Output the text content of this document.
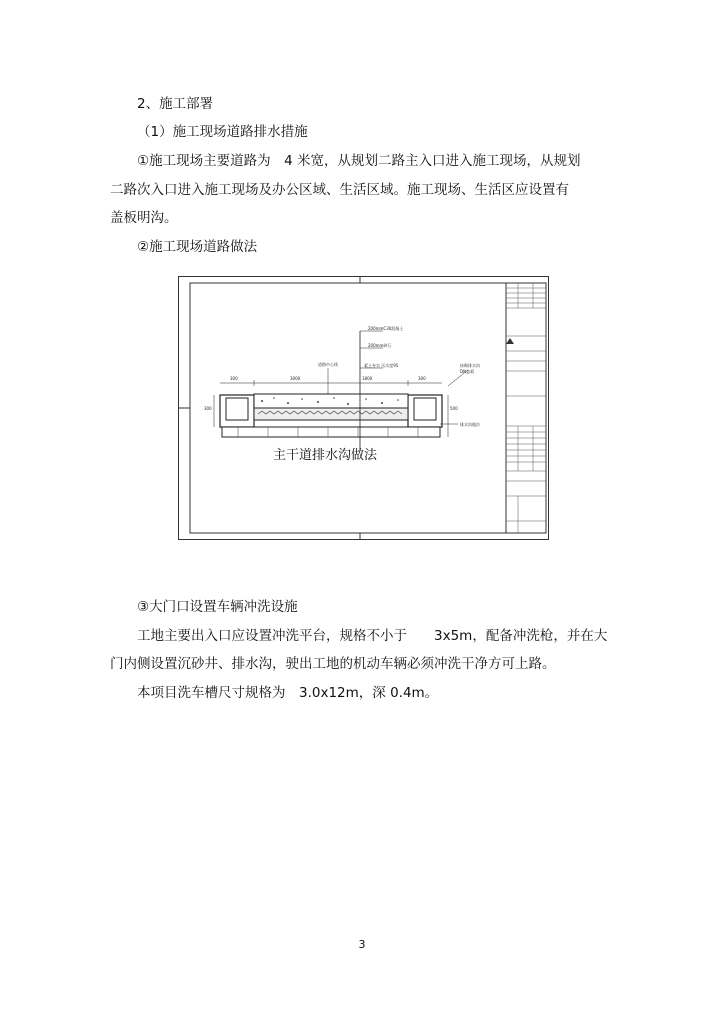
2、施工部署
（1）施工现场道路排水措施
①施工现场主要道路为　4 米宽，从规划二路主入口进入施工现场，从规划
二路次入口进入施工现场及办公区域、生活区域。施工现场、生活区应设置有
盖板明沟。
②施工现场道路做法
300	3000	1800	300
300	500
道路中心线
200mmC30混凝土
200mm碎石
素土夯实 压实度95	砖砌排水沟
DN盖板
排水沟做法
主干道排水沟做法
③大门口设置车辆冲洗设施
工地主要出入口应设置冲洗平台，规格不小于　　3x5m，配备冲洗枪，并在大
门内侧设置沉砂井、排水沟，驶出工地的机动车辆必须冲洗干净方可上路。
本项目洗车槽尺寸规格为　3.0x12m，深 0.4m。
3
